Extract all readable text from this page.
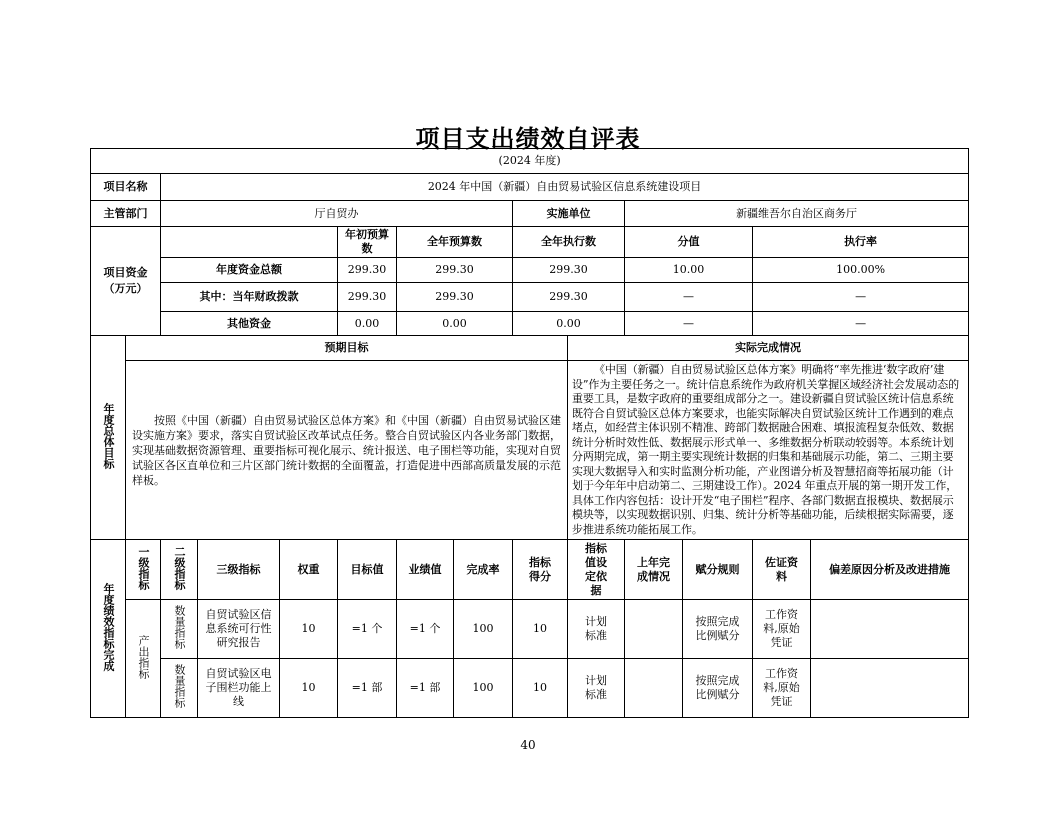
项目支出绩效自评表
(2024 年度)														
项目名称		2024 年中国（新疆）自由贸易试验区信息系统建设项目												
主管部门		厅自贸办						实施单位		新疆维吾尔自治区商务厅				
项目资金（万元）					年初预算数	全年预算数		全年执行数		分值		执行率	
		年度资金总额			299.30	299.30		299.30		10.00		100.00%	
		其中：当年财政拨款			299.30	299.30		299.30		—		—	
		其他资金			0.00	0.00		0.00		—		—	
年度总体目标	预期目标								实际完成情况					
	按照《中国（新疆）自由贸易试验区总体方案》和《中国（新疆）自由贸易试验区建设实施方案》要求，落实自贸试验区改革试点任务。整合自贸试验区内各业务部门数据，实现基础数据资源管理、重要指标可视化展示、统计报送、电子围栏等功能，实现对自贸试验区各区直单位和三片区部门统计数据的全面覆盖，打造促进中西部高质量发展的示范样板。								《中国（新疆）自由贸易试验区总体方案》明确将“率先推进‘数字政府’建设”作为主要任务之一。统计信息系统作为政府机关掌握区域经济社会发展动态的重要工具，是数字政府的重要组成部分之一。建设新疆自贸试验区统计信息系统既符合自贸试验区总体方案要求，也能实际解决自贸试验区统计工作遇到的难点堵点，如经营主体识别不精准、跨部门数据融合困难、填报流程复杂低效、数据统计分析时效性低、数据展示形式单一、多维数据分析联动较弱等。本系统计划分两期完成，第一期主要实现统计数据的归集和基础展示功能，第二、三期主要实现大数据导入和实时监测分析功能，产业图谱分析及智慧招商等拓展功能（计划于今年年中启动第二、三期建设工作）。2024 年重点开展的第一期开发工作，具体工作内容包括：设计开发“电子围栏”程序、各部门数据直报模块、数据展示模块等，以实现数据识别、归集、统计分析等基础功能，后续根据实际需要，逐步推进系统功能拓展工作。					
年度绩效指标完成	一级指标	二级指标	三级指标	权重	目标值	业绩值	完成率	指标得分	指标值设定依据	上年完成情况	赋分规则	佐证资料	偏差原因分析及改进措施	
	产出指标	数量指标	自贸试验区信息系统可行性研究报告	10	=1 个	=1 个	100	10	计划标准		按照完成比例赋分	工作资料,原始凭证		
		数量指标	自贸试验区电子围栏功能上线	10	=1 部	=1 部	100	10	计划标准		按照完成比例赋分	工作资料,原始凭证		
40
